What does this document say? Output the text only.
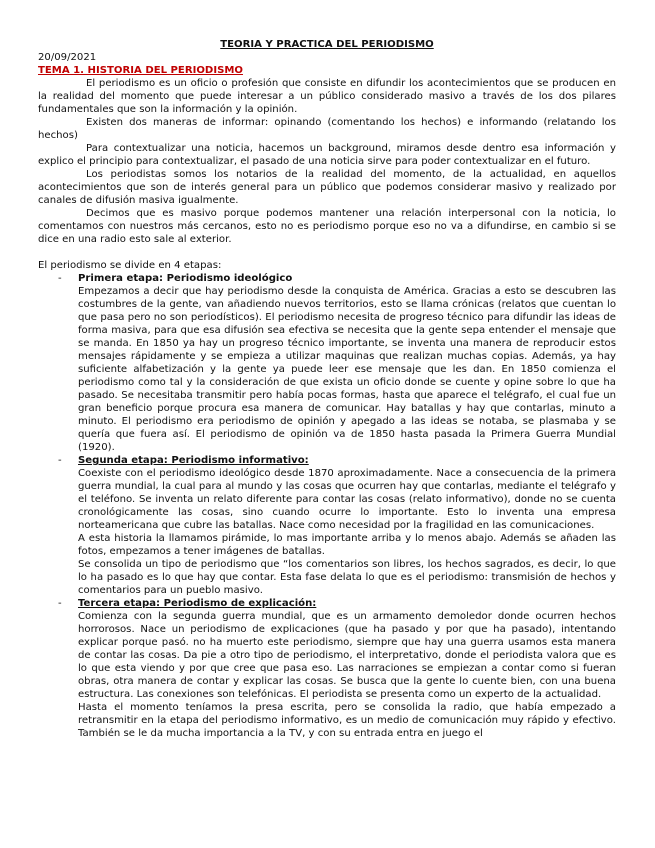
TEORIA Y PRACTICA DEL PERIODISMO

20/09/2021

TEMA 1. HISTORIA DEL PERIODISMO

El periodismo es un oficio o profesión que consiste en difundir los acontecimientos que se producen en la realidad del momento que puede interesar a un público considerado masivo a través de los dos pilares fundamentales que son la información y la opinión.

Existen dos maneras de informar: opinando (comentando los hechos) e informando (relatando los hechos)

Para contextualizar una noticia, hacemos un background, miramos desde dentro esa información y explico el principio para contextualizar, el pasado de una noticia sirve para poder contextualizar en el futuro.

Los periodistas somos los notarios de la realidad del momento, de la actualidad, en aquellos acontecimientos que son de interés general para un público que podemos considerar masivo y realizado por canales de difusión masiva igualmente.

Decimos que es masivo porque podemos mantener una relación interpersonal con la noticia, lo comentamos con nuestros más cercanos, esto no es periodismo porque eso no va a difundirse, en cambio si se dice en una radio esto sale al exterior.

El periodismo se divide en 4 etapas:

-	Primera etapa: Periodismo ideológico

Empezamos a decir que hay periodismo desde la conquista de América. Gracias a esto se descubren las costumbres de la gente, van añadiendo nuevos territorios, esto se llama crónicas (relatos que cuentan lo que pasa pero no son periodísticos). El periodismo necesita de progreso técnico para difundir las ideas de forma masiva, para que esa difusión sea efectiva se necesita que la gente sepa entender el mensaje que se manda. En 1850 ya hay un progreso técnico importante, se inventa una manera de reproducir estos mensajes rápidamente y se empieza a utilizar maquinas que realizan muchas copias. Además, ya hay suficiente alfabetización y la gente ya puede leer ese mensaje que les dan. En 1850 comienza el periodismo como tal y la consideración de que exista un oficio donde se cuente y opine sobre lo que ha pasado. Se necesitaba transmitir pero había pocas formas, hasta que aparece el telégrafo, el cual fue un gran beneficio porque procura esa manera de comunicar. Hay batallas y hay que contarlas, minuto a minuto. El periodismo era periodismo de opinión y apegado a las ideas se notaba, se plasmaba y se quería que fuera así. El periodismo de opinión va de 1850 hasta pasada la Primera Guerra Mundial (1920).

-	Segunda etapa: Periodismo informativo:

Coexiste con el periodismo ideológico desde 1870 aproximadamente. Nace a consecuencia de la primera guerra mundial, la cual para al mundo y las cosas que ocurren hay que contarlas, mediante el telégrafo y el teléfono. Se inventa un relato diferente para contar las cosas (relato informativo), donde no se cuenta cronológicamente las cosas, sino cuando ocurre lo importante. Esto lo inventa una empresa norteamericana que cubre las batallas. Nace como necesidad por la fragilidad en las comunicaciones.

A esta historia la llamamos pirámide, lo mas importante arriba y lo menos abajo. Además se añaden las fotos, empezamos a tener imágenes de batallas.

Se consolida un tipo de periodismo que “los comentarios son libres, los hechos sagrados, es decir, lo que lo ha pasado es lo que hay que contar. Esta fase delata lo que es el periodismo: transmisión de hechos y comentarios para un pueblo masivo.

-	Tercera etapa: Periodismo de explicación:

Comienza con la segunda guerra mundial, que es un armamento demoledor donde ocurren hechos horrorosos. Nace un periodismo de explicaciones (que ha pasado y por que ha pasado), intentando explicar porque pasó. no ha muerto este periodismo, siempre que hay una guerra usamos esta manera de contar las cosas. Da pie a otro tipo de periodismo, el interpretativo, donde el periodista valora que es lo que esta viendo y por que cree que pasa eso. Las narraciones se empiezan a contar como si fueran obras, otra manera de contar y explicar las cosas. Se busca que la gente lo cuente bien, con una buena estructura. Las conexiones son telefónicas. El periodista se presenta como un experto de la actualidad.

Hasta el momento teníamos la presa escrita, pero se consolida la radio, que había empezado a retransmitir en la etapa del periodismo informativo, es un medio de comunicación muy rápido y efectivo. También se le da mucha importancia a la TV, y con su entrada entra en juego el
